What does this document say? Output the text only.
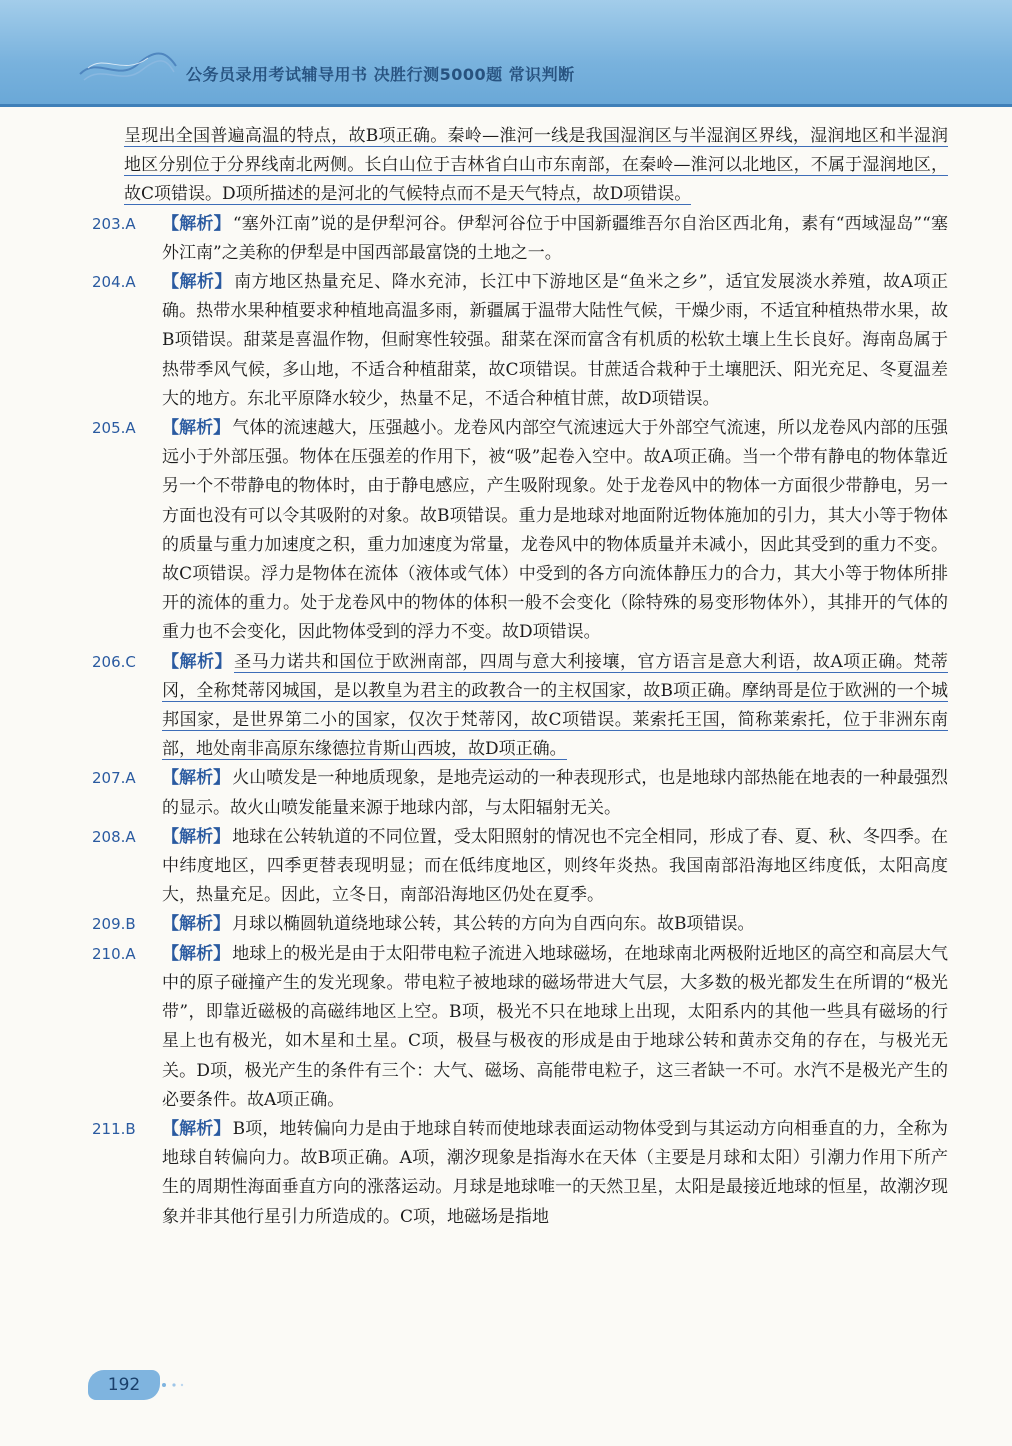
公务员录用考试辅导用书 决胜行测5000题 常识判断

呈现出全国普遍高温的特点，故B项正确。秦岭—淮河一线是我国湿润区与半湿润区界线，湿润地区和半湿润地区分别位于分界线南北两侧。长白山位于吉林省白山市东南部，在秦岭—淮河以北地区，不属于湿润地区，故C项错误。D项所描述的是河北的气候特点而不是天气特点，故D项错误。

203.A	【解析】 “塞外江南”说的是伊犁河谷。伊犁河谷位于中国新疆维吾尔自治区西北角，素有“西域湿岛”“塞外江南”之美称的伊犁是中国西部最富饶的土地之一。
204.A	【解析】 南方地区热量充足、降水充沛，长江中下游地区是“鱼米之乡”，适宜发展淡水养殖，故A项正确。热带水果种植要求种植地高温多雨，新疆属于温带大陆性气候，干燥少雨，不适宜种植热带水果，故B项错误。甜菜是喜温作物，但耐寒性较强。甜菜在深而富含有机质的松软土壤上生长良好。海南岛属于热带季风气候，多山地，不适合种植甜菜，故C项错误。甘蔗适合栽种于土壤肥沃、阳光充足、冬夏温差大的地方。东北平原降水较少，热量不足，不适合种植甘蔗，故D项错误。
205.A	【解析】 气体的流速越大，压强越小。龙卷风内部空气流速远大于外部空气流速，所以龙卷风内部的压强远小于外部压强。物体在压强差的作用下，被“吸”起卷入空中。故A项正确。当一个带有静电的物体靠近另一个不带静电的物体时，由于静电感应，产生吸附现象。处于龙卷风中的物体一方面很少带静电，另一方面也没有可以令其吸附的对象。故B项错误。重力是地球对地面附近物体施加的引力，其大小等于物体的质量与重力加速度之积，重力加速度为常量，龙卷风中的物体质量并未减小，因此其受到的重力不变。故C项错误。浮力是物体在流体（液体或气体）中受到的各方向流体静压力的合力，其大小等于物体所排开的流体的重力。处于龙卷风中的物体的体积一般不会变化（除特殊的易变形物体外），其排开的气体的重力也不会变化，因此物体受到的浮力不变。故D项错误。
206.C	【解析】 圣马力诺共和国位于欧洲南部，四周与意大利接壤，官方语言是意大利语，故A项正确。梵蒂冈，全称梵蒂冈城国，是以教皇为君主的政教合一的主权国家，故B项正确。摩纳哥是位于欧洲的一个城邦国家，是世界第二小的国家，仅次于梵蒂冈，故C项错误。莱索托王国，简称莱索托，位于非洲东南部，地处南非高原东缘德拉肯斯山西坡，故D项正确。
207.A	【解析】 火山喷发是一种地质现象，是地壳运动的一种表现形式，也是地球内部热能在地表的一种最强烈的显示。故火山喷发能量来源于地球内部，与太阳辐射无关。
208.A	【解析】 地球在公转轨道的不同位置，受太阳照射的情况也不完全相同，形成了春、夏、秋、冬四季。在中纬度地区，四季更替表现明显；而在低纬度地区，则终年炎热。我国南部沿海地区纬度低，太阳高度大，热量充足。因此，立冬日，南部沿海地区仍处在夏季。
209.B	【解析】 月球以椭圆轨道绕地球公转，其公转的方向为自西向东。故B项错误。
210.A	【解析】 地球上的极光是由于太阳带电粒子流进入地球磁场，在地球南北两极附近地区的高空和高层大气中的原子碰撞产生的发光现象。带电粒子被地球的磁场带进大气层，大多数的极光都发生在所谓的“极光带”，即靠近磁极的高磁纬地区上空。B项，极光不只在地球上出现，太阳系内的其他一些具有磁场的行星上也有极光，如木星和土星。C项，极昼与极夜的形成是由于地球公转和黄赤交角的存在，与极光无关。D项，极光产生的条件有三个：大气、磁场、高能带电粒子，这三者缺一不可。水汽不是极光产生的必要条件。故A项正确。
211.B	【解析】 B项，地转偏向力是由于地球自转而使地球表面运动物体受到与其运动方向相垂直的力，全称为地球自转偏向力。故B项正确。A项，潮汐现象是指海水在天体（主要是月球和太阳）引潮力作用下所产生的周期性海面垂直方向的涨落运动。月球是地球唯一的天然卫星，太阳是最接近地球的恒星，故潮汐现象并非其他行星引力所造成的。C项，地磁场是指地
192
